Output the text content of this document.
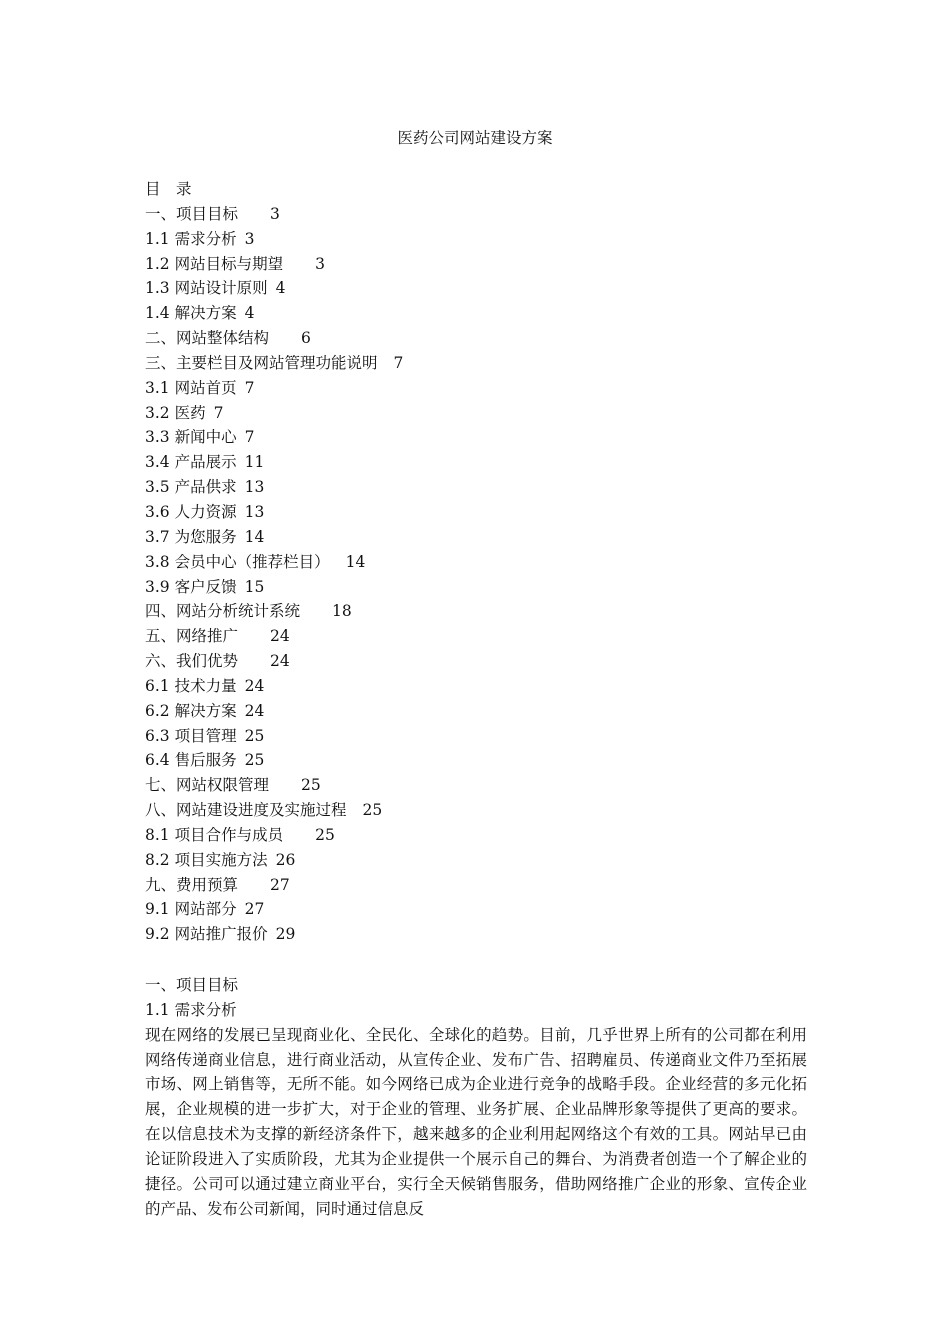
医药公司网站建设方案
目　录
一、项目目标 3
1.1 需求分析 3
1.2 网站目标与期望 3
1.3 网站设计原则 4
1.4 解决方案 4
二、网站整体结构 6
三、主要栏目及网站管理功能说明 7
3.1 网站首页 7
3.2 医药 7
3.3 新闻中心 7
3.4 产品展示 11
3.5 产品供求 13
3.6 人力资源 13
3.7 为您服务 14
3.8 会员中心（推荐栏目） 14
3.9 客户反馈 15
四、网站分析统计系统 18
五、网络推广 24
六、我们优势 24
6.1 技术力量 24
6.2 解决方案 24
6.3 项目管理 25
6.4 售后服务 25
七、网站权限管理 25
八、网站建设进度及实施过程 25
8.1 项目合作与成员 25
8.2 项目实施方法 26
九、费用预算 27
9.1 网站部分 27
9.2 网站推广报价 29
一、项目目标
1.1 需求分析

现在网络的发展已呈现商业化、全民化、全球化的趋势。目前，几乎世界上所有的公司都在利用网络传递商业信息，进行商业活动，从宣传企业、发布广告、招聘雇员、传递商业文件乃至拓展市场、网上销售等，无所不能。如今网络已成为企业进行竞争的战略手段。企业经营的多元化拓展，企业规模的进一步扩大，对于企业的管理、业务扩展、企业品牌形象等提供了更高的要求。在以信息技术为支撑的新经济条件下，越来越多的企业利用起网络这个有效的工具。网站早已由论证阶段进入了实质阶段，尤其为企业提供一个展示自己的舞台、为消费者创造一个了解企业的捷径。公司可以通过建立商业平台，实行全天候销售服务，借助网络推广企业的形象、宣传企业的产品、发布公司新闻，同时通过信息反
